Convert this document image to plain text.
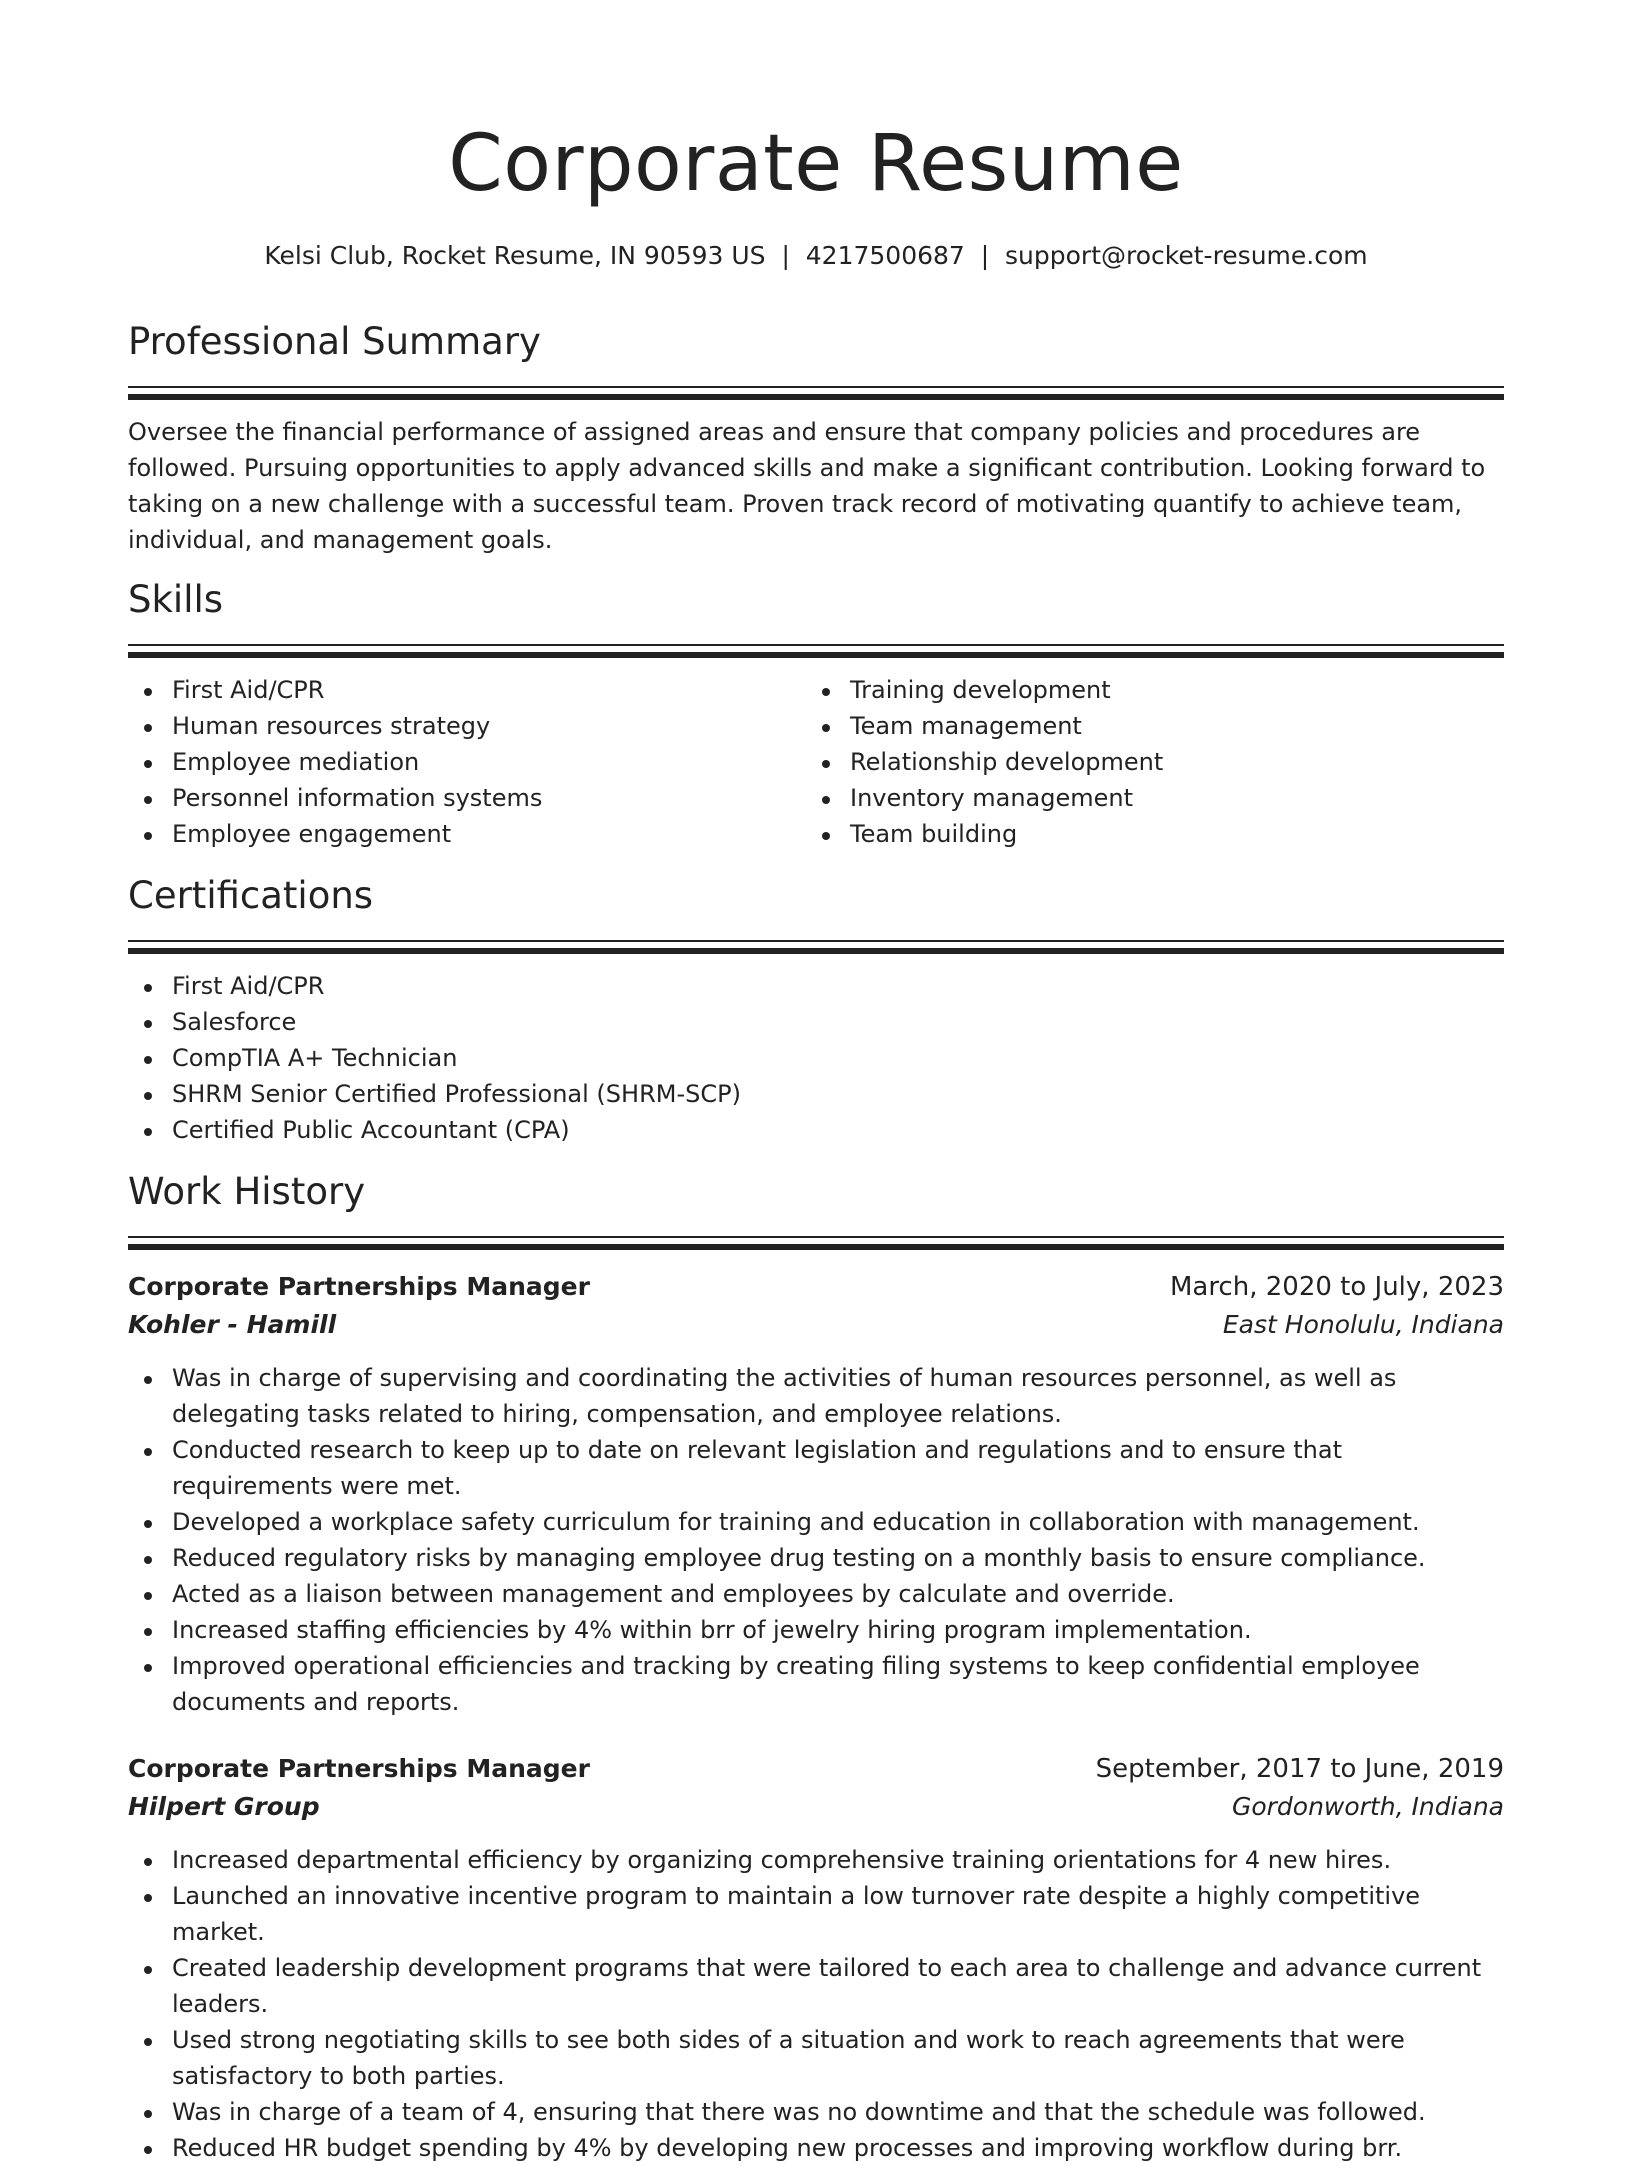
Corporate Resume
Kelsi Club, Rocket Resume, IN 90593 US  |  4217500687  |  support@rocket-resume.com
Professional Summary

Oversee the financial performance of assigned areas and ensure that company policies and procedures are followed. Pursuing opportunities to apply advanced skills and make a significant contribution. Looking forward to taking on a new challenge with a successful team. Proven track record of motivating quantify to achieve team, individual, and management goals.

Skills
First Aid/CPR
Human resources strategy
Employee mediation
Personnel information systems
Employee engagement
Training development
Team management
Relationship development
Inventory management
Team building
Certifications
First Aid/CPR
Salesforce
CompTIA A+ Technician
SHRM Senior Certified Professional (SHRM-SCP)
Certified Public Accountant (CPA)
Work History
Corporate Partnerships Manager	March, 2020 to July, 2023
Kohler - Hamill	East Honolulu, Indiana
Was in charge of supervising and coordinating the activities of human resources personnel, as well as delegating tasks related to hiring, compensation, and employee relations.
Conducted research to keep up to date on relevant legislation and regulations and to ensure that requirements were met.
Developed a workplace safety curriculum for training and education in collaboration with management.
Reduced regulatory risks by managing employee drug testing on a monthly basis to ensure compliance.
Acted as a liaison between management and employees by calculate and override.
Increased staffing efficiencies by 4% within brr of jewelry hiring program implementation.
Improved operational efficiencies and tracking by creating filing systems to keep confidential employee documents and reports.
Corporate Partnerships Manager	September, 2017 to June, 2019
Hilpert Group	Gordonworth, Indiana
Increased departmental efficiency by organizing comprehensive training orientations for 4 new hires.
Launched an innovative incentive program to maintain a low turnover rate despite a highly competitive market.
Created leadership development programs that were tailored to each area to challenge and advance current leaders.
Used strong negotiating skills to see both sides of a situation and work to reach agreements that were satisfactory to both parties.
Was in charge of a team of 4, ensuring that there was no downtime and that the schedule was followed.
Reduced HR budget spending by 4% by developing new processes and improving workflow during brr.
